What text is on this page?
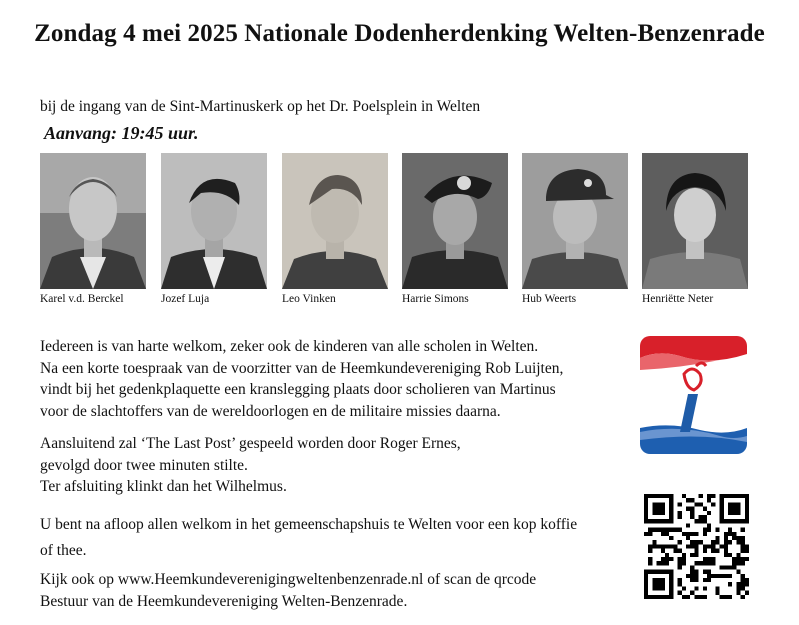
Zondag 4 mei 2025 Nationale Dodenherdenking Welten-Benzenrade
bij de ingang van de Sint-Martinuskerk op het Dr. Poelsplein in Welten
Aanvang: 19:45 uur.
Karel v.d. Berckel	Jozef Luja	Leo Vinken	Harrie Simons	Hub Weerts	Henriëtte Neter
Iedereen is van harte welkom, zeker ook de kinderen van alle scholen in Welten.
Na een korte toespraak van de voorzitter van de Heemkundevereniging Rob Luijten,
vindt bij het gedenkplaquette een kranslegging plaats door scholieren van Martinus
voor de slachtoffers van de wereldoorlogen en de militaire missies daarna.
Aansluitend zal ‘The Last Post’ gespeeld worden door Roger Ernes,
gevolgd door twee minuten stilte.
Ter afsluiting klinkt dan het Wilhelmus.
U bent na afloop allen welkom in het gemeenschapshuis te Welten voor een kop koffie
of thee.
Kijk ook op www.Heemkundeverenigingweltenbenzenrade.nl of scan de qrcode
Bestuur van de Heemkundevereniging Welten-Benzenrade.
